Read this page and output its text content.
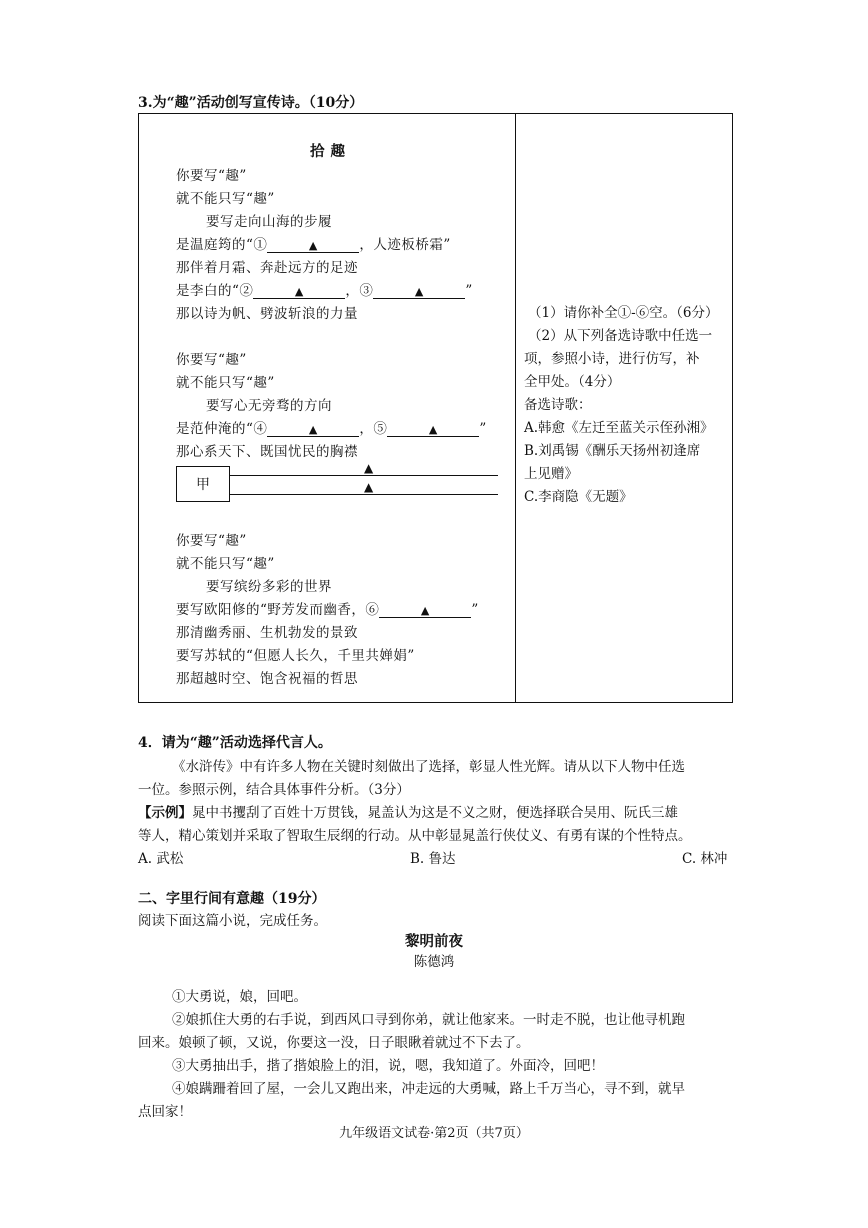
3.为“趣”活动创写宣传诗。（10分）
拾 趣
你要写“趣”
就不能只写“趣”
要写走向山海的步履
是温庭筠的“①	▲	，人迹板桥霜”
那伴着月霜、奔赴远方的足迹
是李白的“②	▲	，③	▲	”
那以诗为帆、劈波斩浪的力量
你要写“趣”
就不能只写“趣”
要写心无旁骛的方向
是范仲淹的“④	▲	，⑤	▲	”
那心系天下、既国忧民的胸襟
甲
▲
▲
你要写“趣”
就不能只写“趣”
要写缤纷多彩的世界
要写欧阳修的“野芳发而幽香，⑥	▲	”
那清幽秀丽、生机勃发的景致
要写苏轼的“但愿人长久，千里共婵娟”
那超越时空、饱含祝福的哲思
（1）请你补全①-⑥空。（6分）
（2）从下列备选诗歌中任选一
项，参照小诗，进行仿写，补
全甲处。（4分）
备选诗歌：
A.韩愈《左迁至蓝关示侄孙湘》
B.刘禹锡《酬乐天扬州初逢席
上见赠》
C.李商隐《无题》
4．请为“趣”活动选择代言人。
《水浒传》中有许多人物在关键时刻做出了选择，彰显人性光辉。请从以下人物中任选
一位。参照示例，结合具体事件分析。（3分）
【示例】晁中书攫刮了百姓十万贯钱，晁盖认为这是不义之财，便选择联合吴用、阮氏三雄
等人，精心策划并采取了智取生辰纲的行动。从中彰显晁盖行侠仗义、有勇有谋的个性特点。
A. 武松	B. 鲁达	C. 林冲
二、字里行间有意趣（19分）
阅读下面这篇小说，完成任务。
黎明前夜
陈德鸿
①大勇说，娘，回吧。
②娘抓住大勇的右手说，到西风口寻到你弟，就让他家来。一时走不脱，也让他寻机跑
回来。娘顿了顿，又说，你要这一没，日子眼瞅着就过不下去了。
③大勇抽出手，揩了揩娘脸上的泪，说，嗯，我知道了。外面冷，回吧！
④娘蹒跚着回了屋，一会儿又跑出来，冲走远的大勇喊，路上千万当心，寻不到，就早
点回家！
九年级语文试卷·第2页（共7页）
